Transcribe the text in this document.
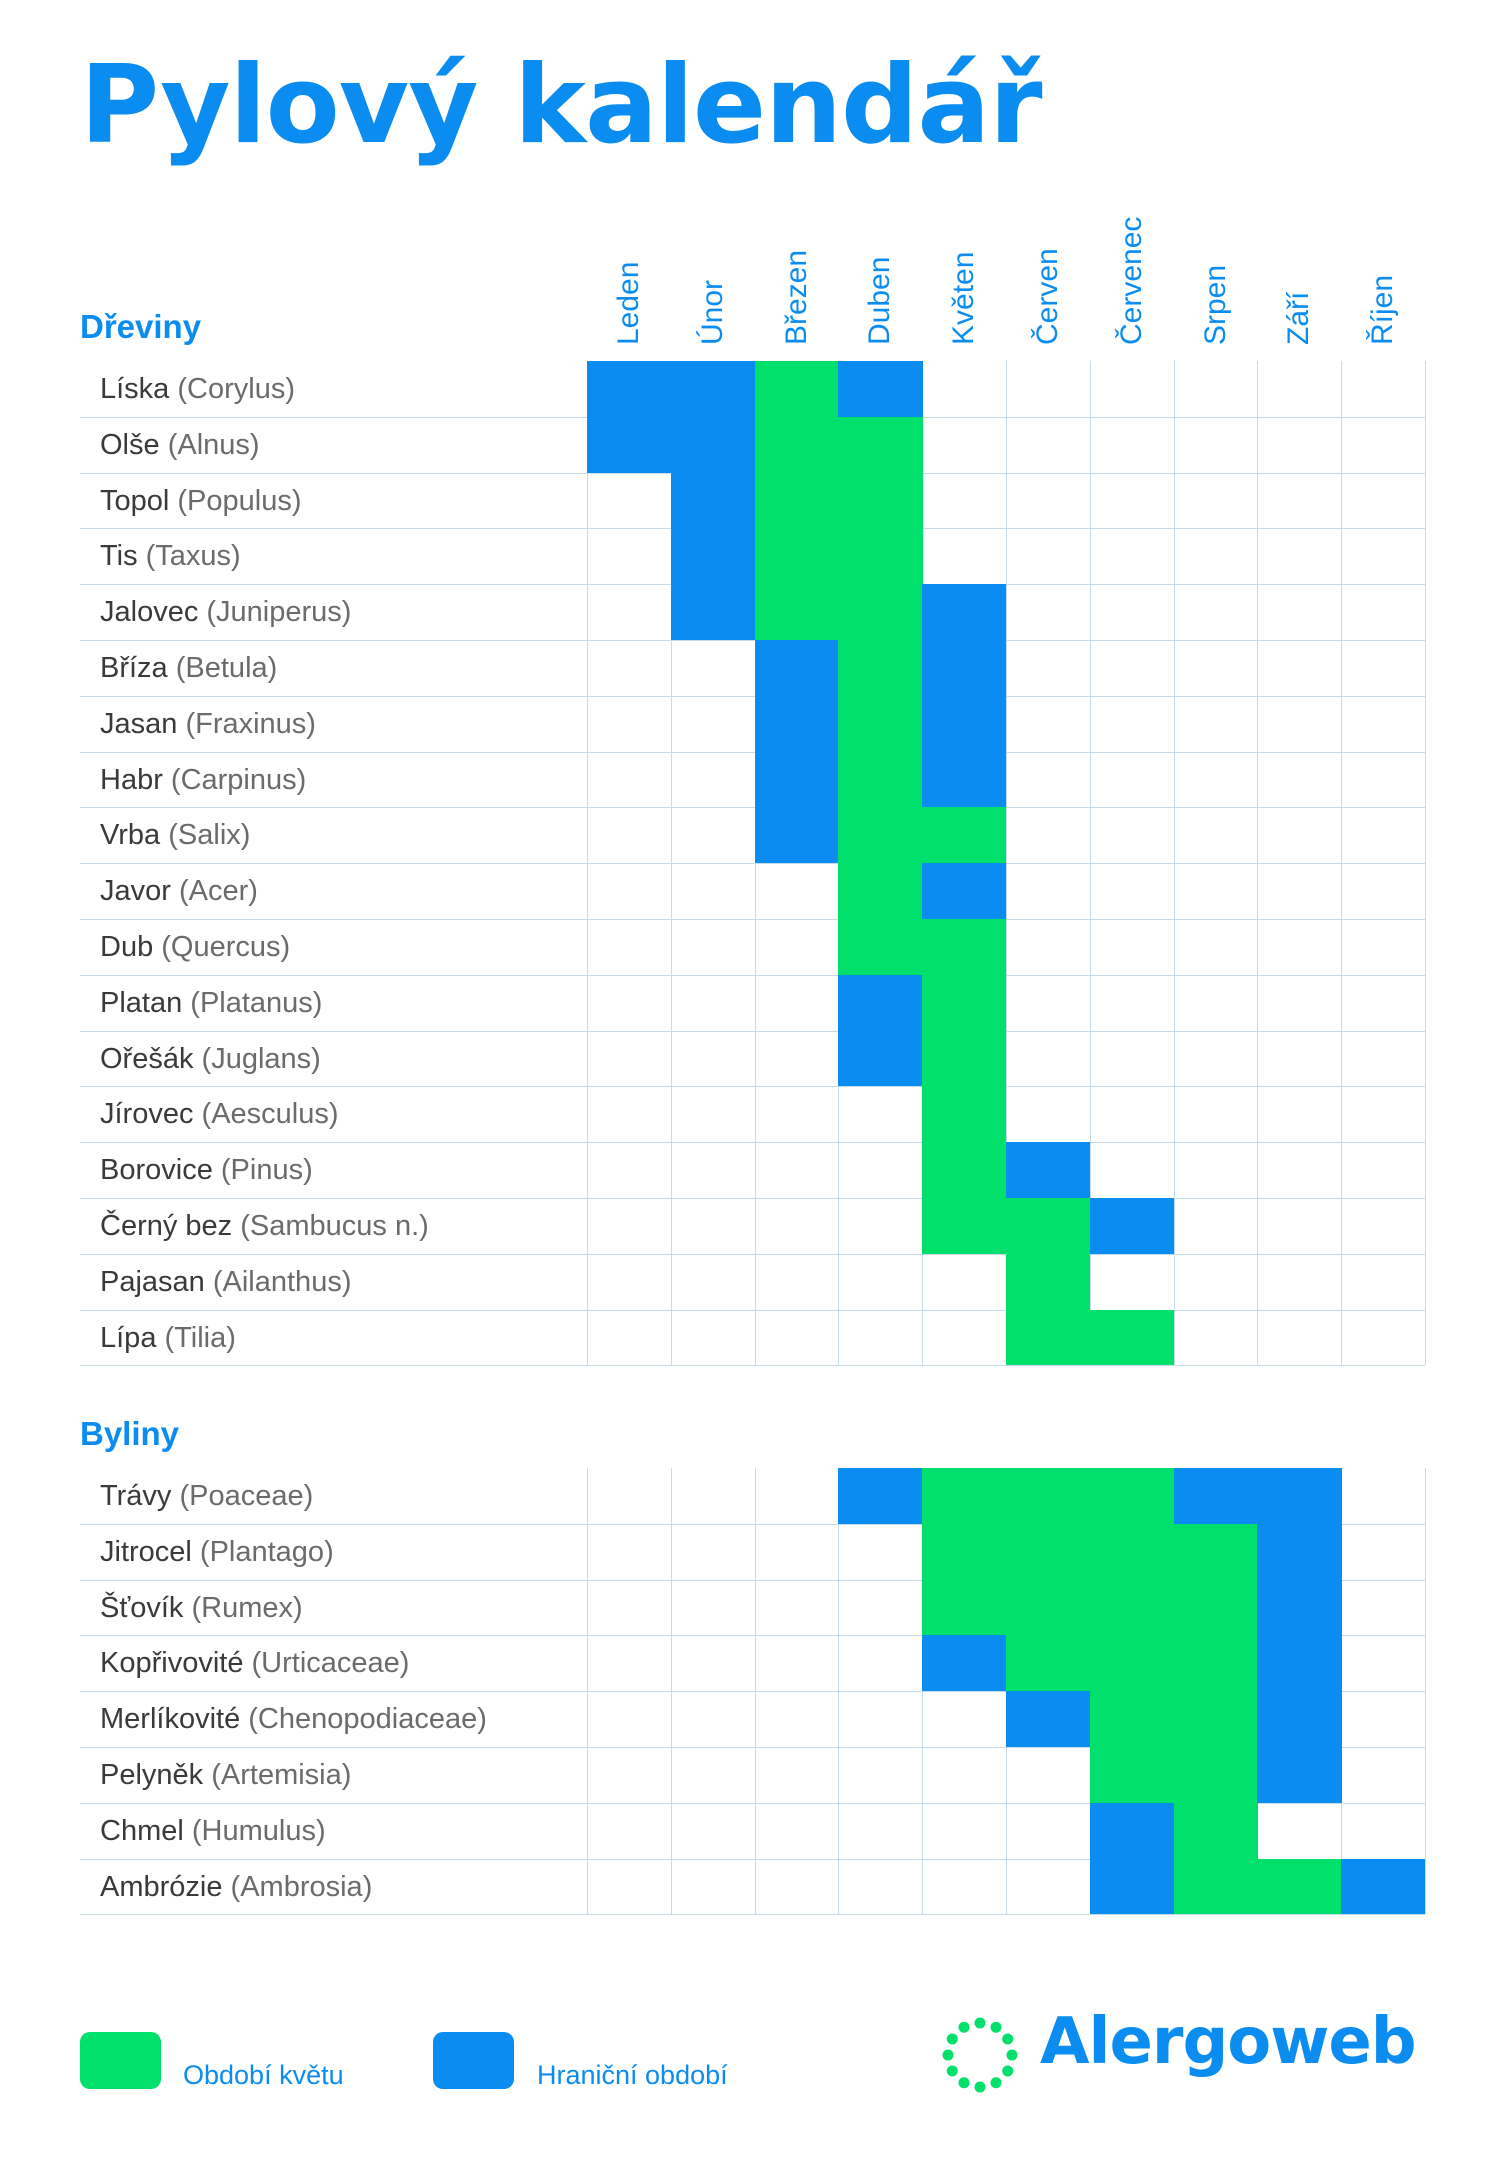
Pylový kalendář
Leden Únor Březen Duben Květen Červen Červenec Srpen Září Říjen
Dřeviny
Líska (Corylus)
Olše (Alnus)
Topol (Populus)
Tis (Taxus)
Jalovec (Juniperus)
Bříza (Betula)
Jasan (Fraxinus)
Habr (Carpinus)
Vrba (Salix)
Javor (Acer)
Dub (Quercus)
Platan (Platanus)
Ořešák (Juglans)
Jírovec (Aesculus)
Borovice (Pinus)
Černý bez (Sambucus n.)
Pajasan (Ailanthus)
Lípa (Tilia)
Byliny
Trávy (Poaceae)
Jitrocel (Plantago)
Šťovík (Rumex)
Kopřivovité (Urticaceae)
Merlíkovité (Chenopodiaceae)
Pelyněk (Artemisia)
Chmel (Humulus)
Ambrózie (Ambrosia)
Období květu	Hraniční období	Alergoweb
